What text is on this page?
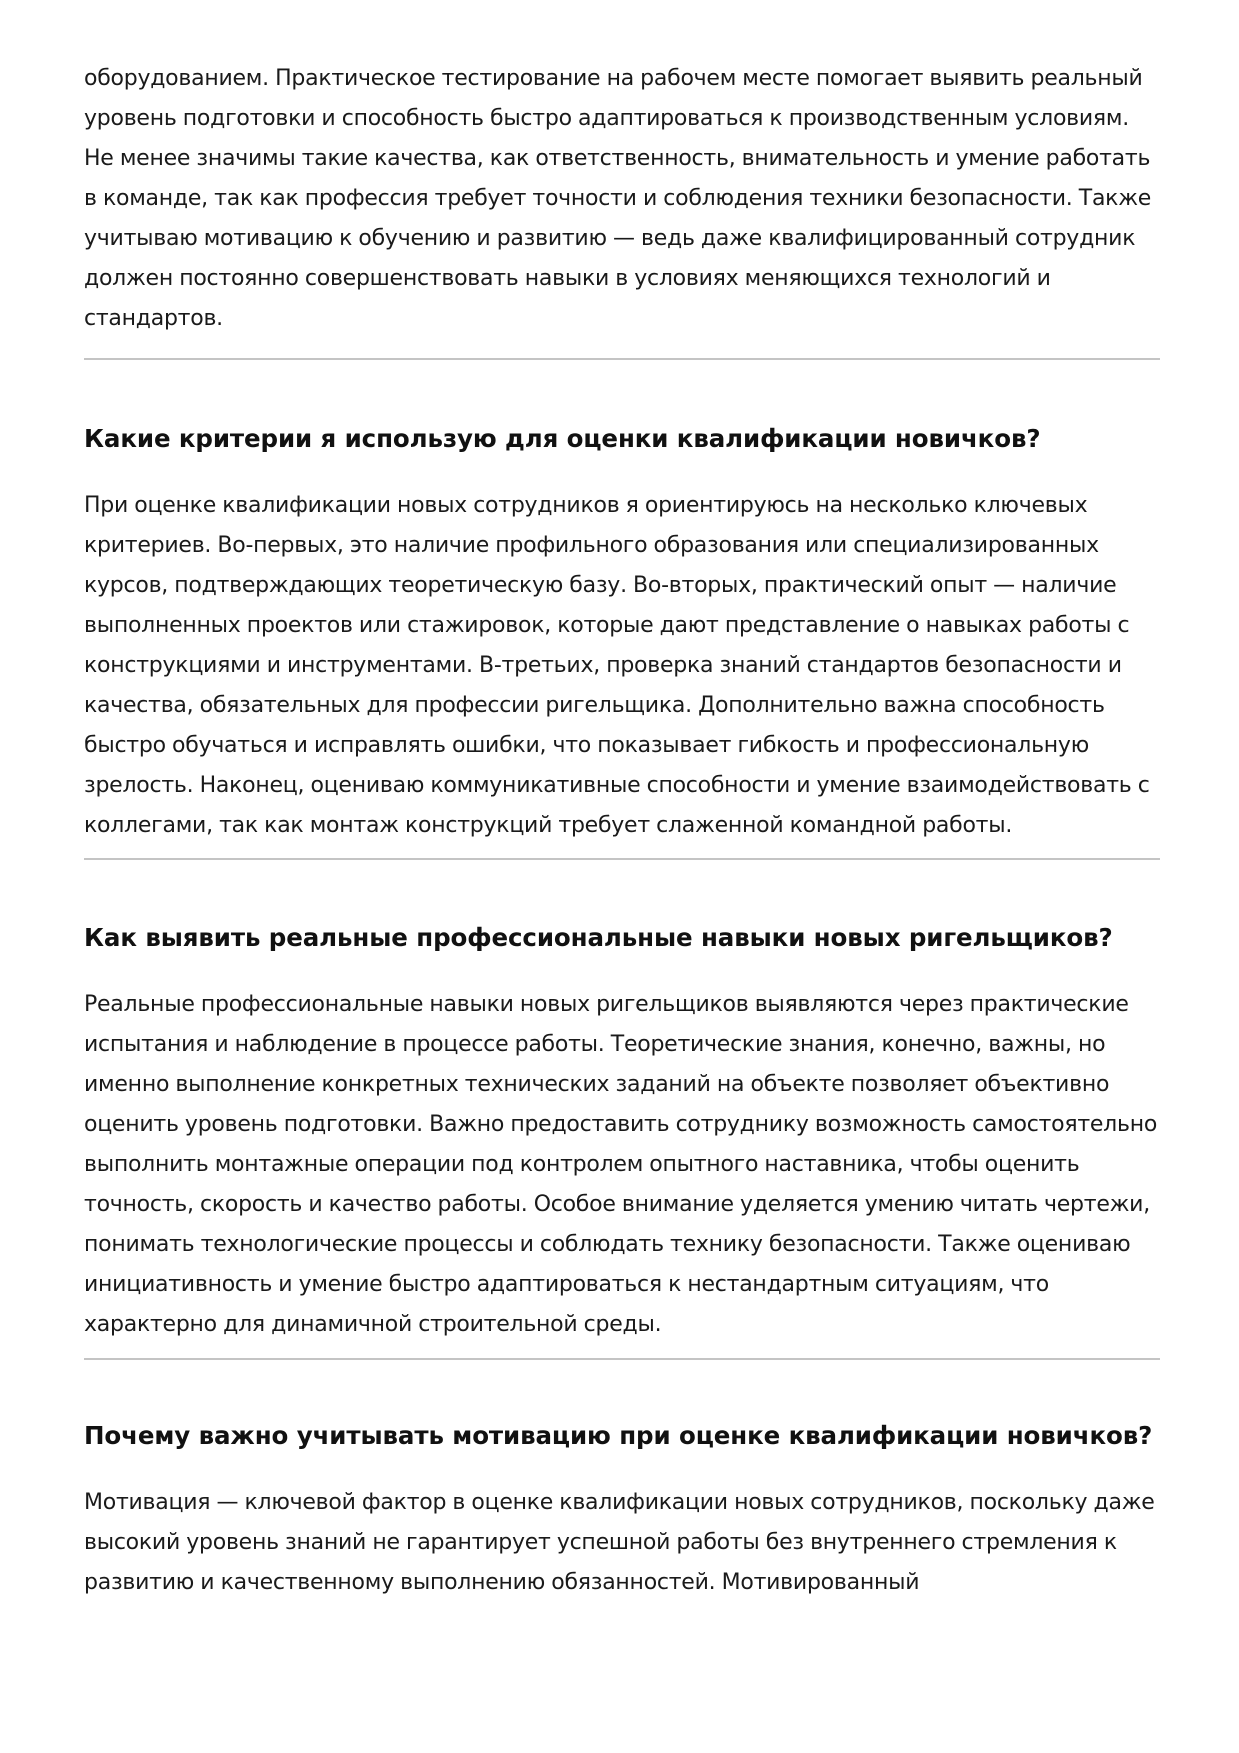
оборудованием. Практическое тестирование на рабочем месте помогает выявить реальный уровень подготовки и способность быстро адаптироваться к производственным условиям. Не менее значимы такие качества, как ответственность, внимательность и умение работать в команде, так как профессия требует точности и соблюдения техники безопасности. Также учитываю мотивацию к обучению и развитию — ведь даже квалифицированный сотрудник должен постоянно совершенствовать навыки в условиях меняющихся технологий и стандартов.

Какие критерии я использую для оценки квалификации новичков?

При оценке квалификации новых сотрудников я ориентируюсь на несколько ключевых критериев. Во-первых, это наличие профильного образования или специализированных курсов, подтверждающих теоретическую базу. Во-вторых, практический опыт — наличие выполненных проектов или стажировок, которые дают представление о навыках работы с конструкциями и инструментами. В-третьих, проверка знаний стандартов безопасности и качества, обязательных для профессии ригельщика. Дополнительно важна способность быстро обучаться и исправлять ошибки, что показывает гибкость и профессиональную зрелость. Наконец, оцениваю коммуникативные способности и умение взаимодействовать с коллегами, так как монтаж конструкций требует слаженной командной работы.

Как выявить реальные профессиональные навыки новых ригельщиков?

Реальные профессиональные навыки новых ригельщиков выявляются через практические испытания и наблюдение в процессе работы. Теоретические знания, конечно, важны, но именно выполнение конкретных технических заданий на объекте позволяет объективно оценить уровень подготовки. Важно предоставить сотруднику возможность самостоятельно выполнить монтажные операции под контролем опытного наставника, чтобы оценить точность, скорость и качество работы. Особое внимание уделяется умению читать чертежи, понимать технологические процессы и соблюдать технику безопасности. Также оцениваю инициативность и умение быстро адаптироваться к нестандартным ситуациям, что характерно для динамичной строительной среды.

Почему важно учитывать мотивацию при оценке квалификации новичков?

Мотивация — ключевой фактор в оценке квалификации новых сотрудников, поскольку даже высокий уровень знаний не гарантирует успешной работы без внутреннего стремления к развитию и качественному выполнению обязанностей. Мотивированный
